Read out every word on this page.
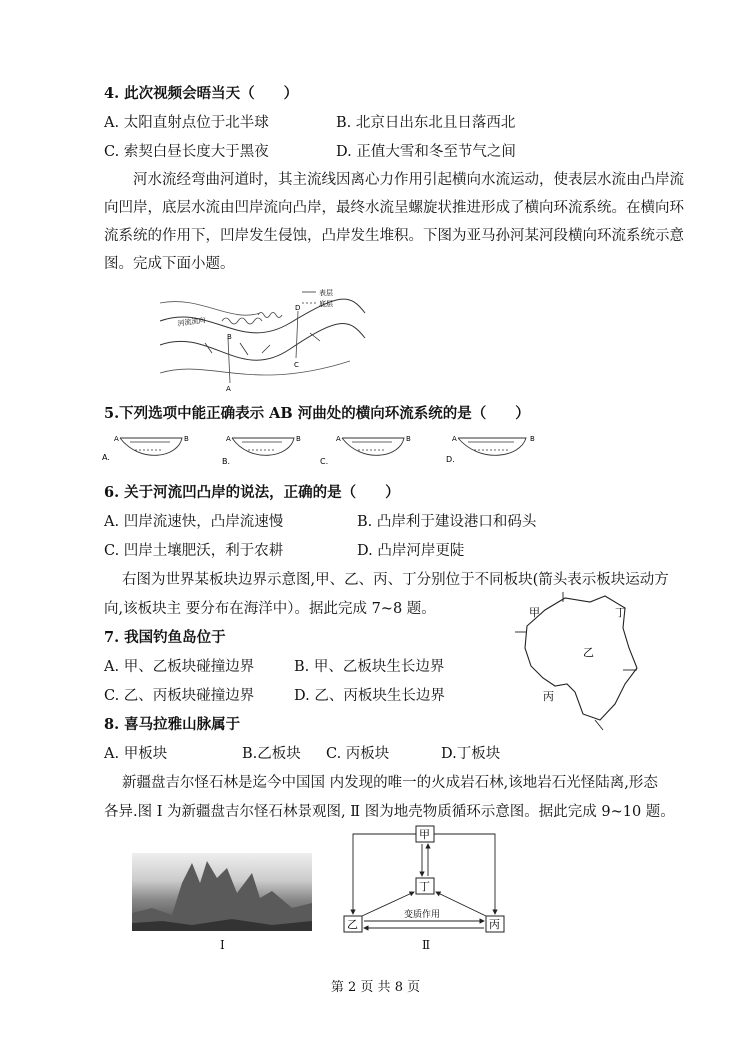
4. 此次视频会晤当天（　　）
A. 太阳直射点位于北半球	B. 北京日出东北且日落西北
C. 索契白昼长度大于黑夜	D. 正值大雪和冬至节气之间
河水流经弯曲河道时，其主流线因离心力作用引起横向水流运动，使表层水流由凸岸流向凹岸，底层水流由凹岸流向凸岸，最终水流呈螺旋状推进形成了横向环流系统。在横向环流系统的作用下，凹岸发生侵蚀，凸岸发生堆积。下图为亚马孙河某河段横向环流系统示意图。完成下面小题。
表层
底层
河流流向
A
B
C
D
5.下列选项中能正确表示 AB 河曲处的横向环流系统的是（　　）
A.
A	B
B.
A	B
C.
A	B
D.
A	B
6. 关于河流凹凸岸的说法，正确的是（　　）
A. 凹岸流速快，凸岸流速慢	B. 凸岸利于建设港口和码头
C. 凹岸土壤肥沃，利于农耕	D. 凸岸河岸更陡
右图为世界某板块边界示意图,甲、乙、丙、丁分别位于不同板块(箭头表示板块运动方
向,该板块主 要分布在海洋中）。据此完成 7~8 题。
7. 我国钓鱼岛位于
A. 甲、乙板块碰撞边界	B. 甲、乙板块生长边界
C. 乙、丙板块碰撞边界	D. 乙、丙板块生长边界
甲	丁
乙
丙
8. 喜马拉雅山脉属于
A. 甲板块	B.乙板块 C. 丙板块	D.丁板块
新疆盘吉尔怪石林是迄今中国国 内发现的唯一的火成岩石林,该地岩石光怪陆离,形态
各异.图 Ⅰ 为新疆盘吉尔怪石林景观图, Ⅱ 图为地壳物质循环示意图。据此完成 9~10 题。
Ⅰ
甲
丁
乙	丙
变质作用
Ⅱ
第 2 页 共 8 页
